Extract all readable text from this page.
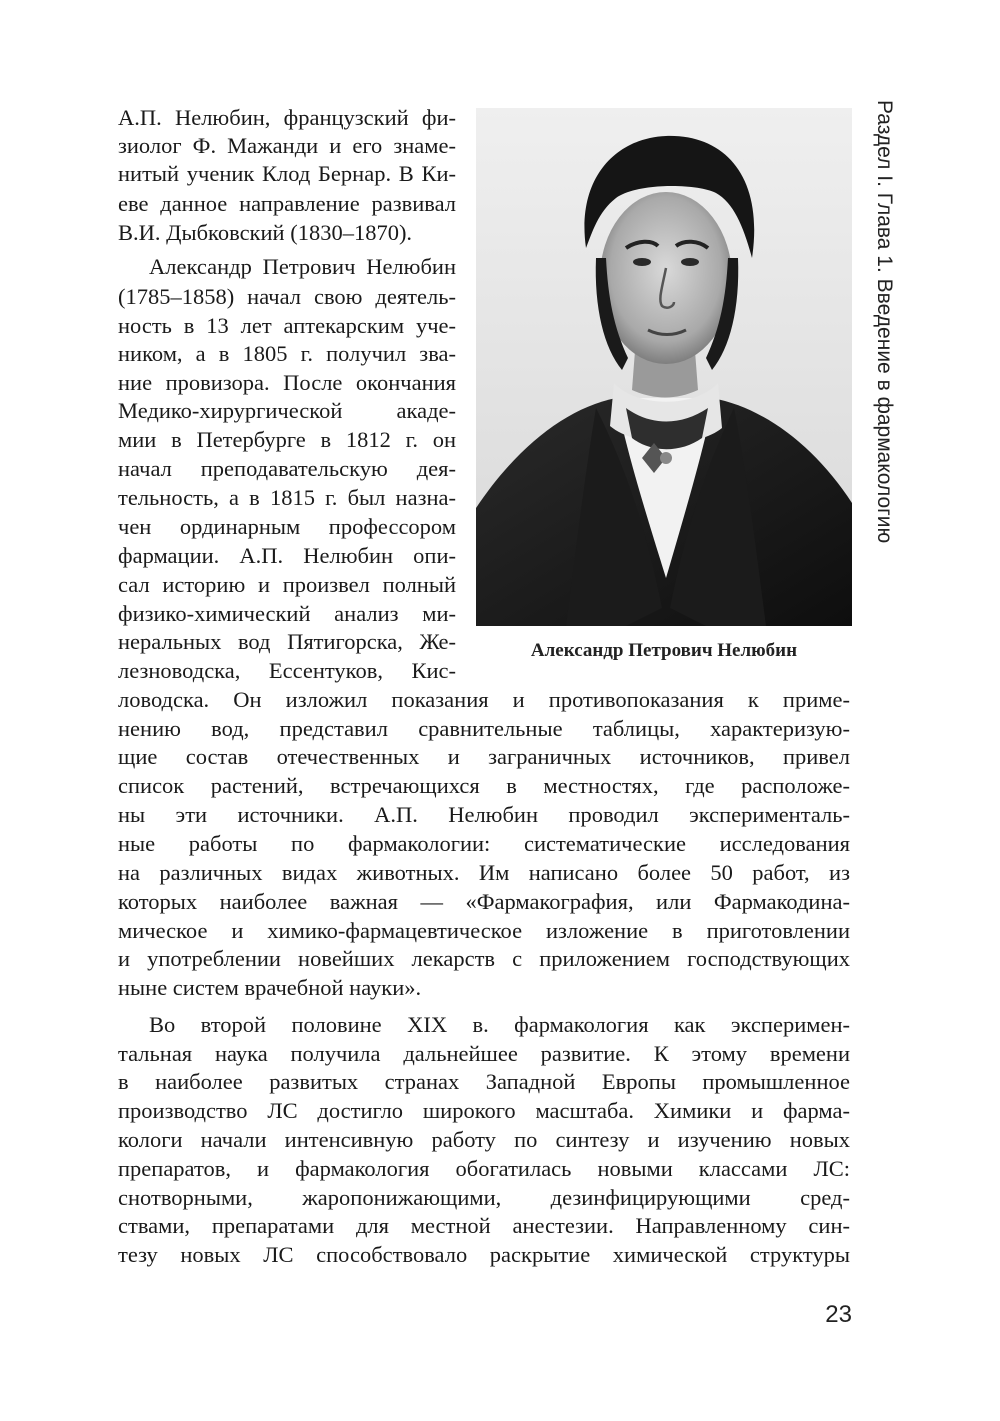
Раздел I. Глава 1. Введение в фармакологию
Александр Петрович Нелюбин
А.П. Нелюбин, французский фи-
зиолог Ф. Мажанди и его знаме-
нитый ученик Клод Бернар. В Ки-
еве данное направление развивал
В.И. Дыбковский (1830–1870).
Александр Петрович Нелюбин
(1785–1858) начал свою деятель-
ность в 13 лет аптекарским уче-
ником, а в 1805 г. получил зва-
ние провизора. После окончания
Медико-хирургической акаде-
мии в Петербурге в 1812 г. он
начал преподавательскую дея-
тельность, а в 1815 г. был назна-
чен ординарным профессором
фармации. А.П. Нелюбин опи-
сал историю и произвел полный
физико-химический анализ ми-
неральных вод Пятигорска, Же-
лезноводска, Ессентуков, Кис-
ловодска. Он изложил показания и противопоказания к приме-
нению вод, представил сравнительные таблицы, характеризую-
щие состав отечественных и заграничных источников, привел
список растений, встречающихся в местностях, где расположе-
ны эти источники. А.П. Нелюбин проводил эксперименталь-
ные работы по фармакологии: систематические исследования
на различных видах животных. Им написано более 50 работ, из
которых наиболее важная — «Фармакография, или Фармакодина-
мическое и химико-фармацевтическое изложение в приготовлении
и употреблении новейших лекарств с приложением господствующих
ныне систем врачебной науки».
Во второй половине XIX в. фармакология как эксперимен-
тальная наука получила дальнейшее развитие. К этому времени
в наиболее развитых странах Западной Европы промышленное
производство ЛС достигло широкого масштаба. Химики и фарма-
кологи начали интенсивную работу по синтезу и изучению новых
препаратов, и фармакология обогатилась новыми классами ЛС:
снотворными, жаропонижающими, дезинфицирующими сред-
ствами, препаратами для местной анестезии. Направленному син-
тезу новых ЛС способствовало раскрытие химической структуры
23
